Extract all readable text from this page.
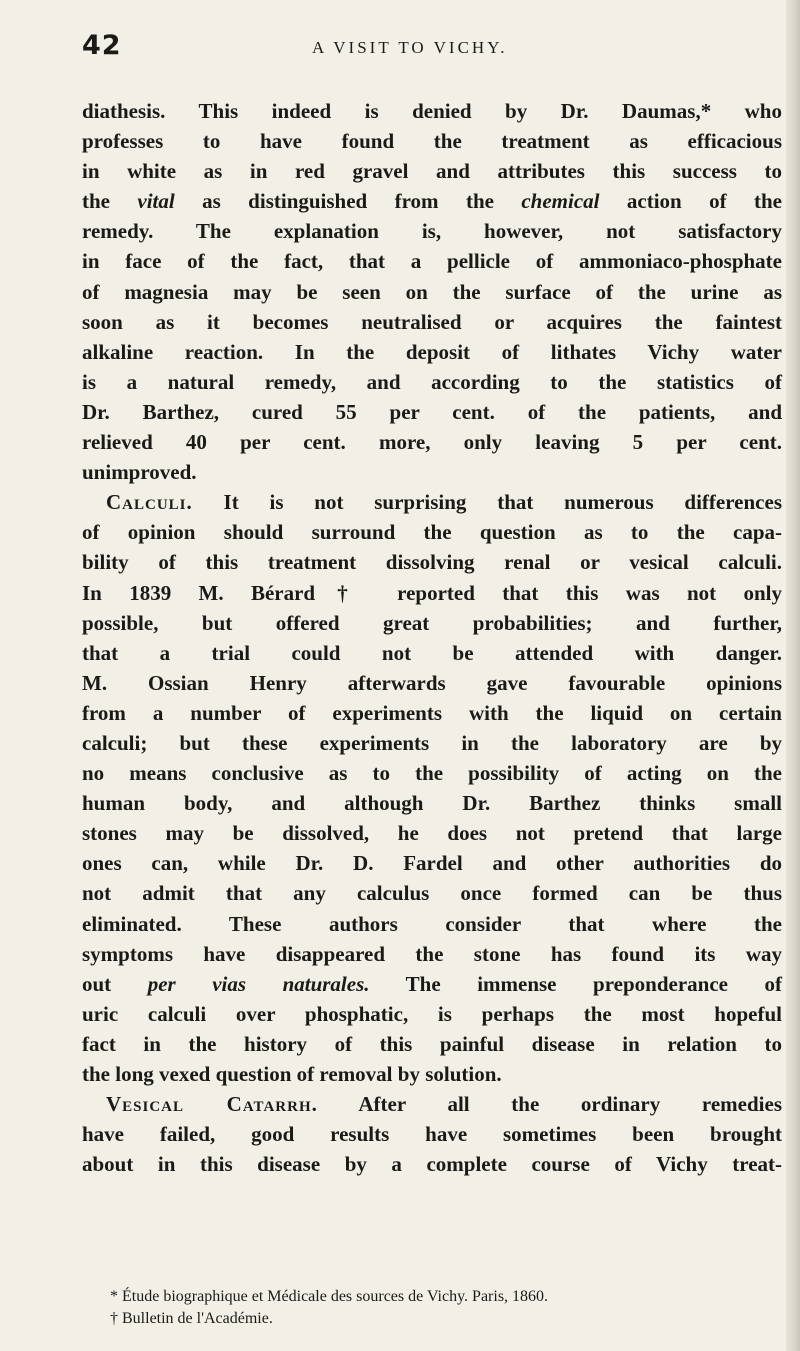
42	A VISIT TO VICHY.
diathesis. This indeed is denied by Dr. Daumas,* who
professes to have found the treatment as efficacious
in white as in red gravel and attributes this success to
the vital as distinguished from the chemical action of the
remedy. The explanation is, however, not satisfactory
in face of the fact, that a pellicle of ammoniaco-phosphate
of magnesia may be seen on the surface of the urine as
soon as it becomes neutralised or acquires the faintest
alkaline reaction. In the deposit of lithates Vichy water
is a natural remedy, and according to the statistics of
Dr. Barthez, cured 55 per cent. of the patients, and
relieved 40 per cent. more, only leaving 5 per cent.
unimproved.
Calculi. It is not surprising that numerous differences
of opinion should surround the question as to the capa-
bility of this treatment dissolving renal or vesical calculi.
In 1839 M. Bérard† reported that this was not only
possible, but offered great probabilities; and further,
that a trial could not be attended with danger.
M. Ossian Henry afterwards gave favourable opinions
from a number of experiments with the liquid on certain
calculi; but these experiments in the laboratory are by
no means conclusive as to the possibility of acting on the
human body, and although Dr. Barthez thinks small
stones may be dissolved, he does not pretend that large
ones can, while Dr. D. Fardel and other authorities do
not admit that any calculus once formed can be thus
eliminated. These authors consider that where the
symptoms have disappeared the stone has found its way
out per vias naturales. The immense preponderance of
uric calculi over phosphatic, is perhaps the most hopeful
fact in the history of this painful disease in relation to
the long vexed question of removal by solution.
Vesical Catarrh. After all the ordinary remedies
have failed, good results have sometimes been brought
about in this disease by a complete course of Vichy treat-
* Étude biographique et Médicale des sources de Vichy. Paris, 1860.
† Bulletin de l'Académie.
